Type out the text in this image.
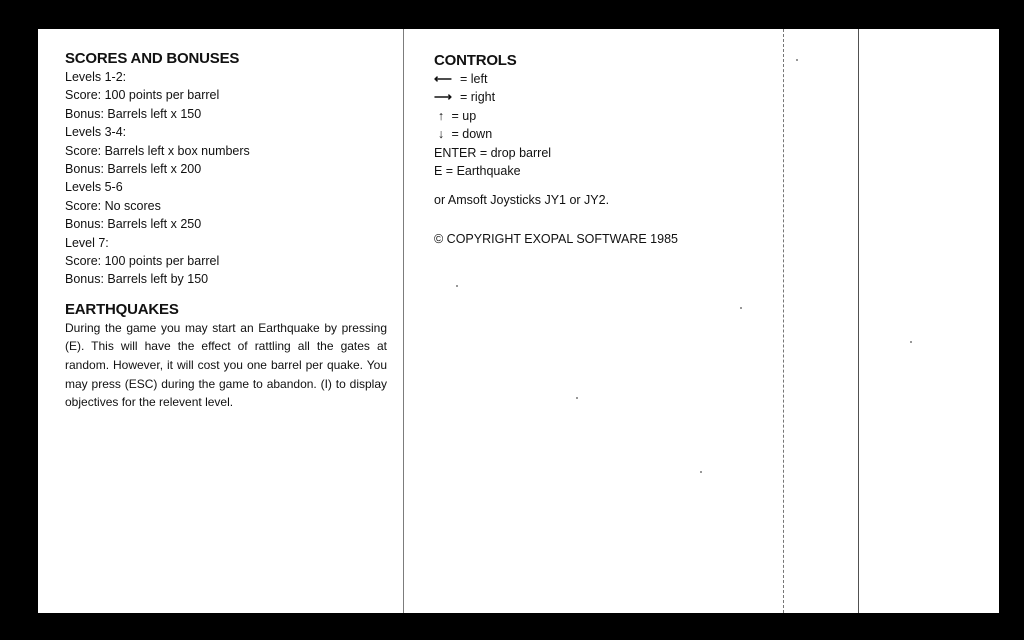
SCORES AND BONUSES
Levels 1-2:
Score: 100 points per barrel
Bonus: Barrels left x 150
Levels 3-4:
Score: Barrels left x box numbers
Bonus: Barrels left x 200
Levels 5-6
Score: No scores
Bonus: Barrels left x 250
Level 7:
Score: 100 points per barrel
Bonus: Barrels left by 150
EARTHQUAKES

During the game you may start an Earthquake by pressing (E). This will have the effect of rattling all the gates at random. However, it will cost you one barrel per quake. You may press (ESC) during the game to abandon. (I) to display objectives for the relevent level.

CONTROLS
⟵ = left
⟶ = right
↑ = up
↓ = down
ENTER = drop barrel
E = Earthquake
or Amsoft Joysticks JY1 or JY2.
© COPYRIGHT EXOPAL SOFTWARE 1985
